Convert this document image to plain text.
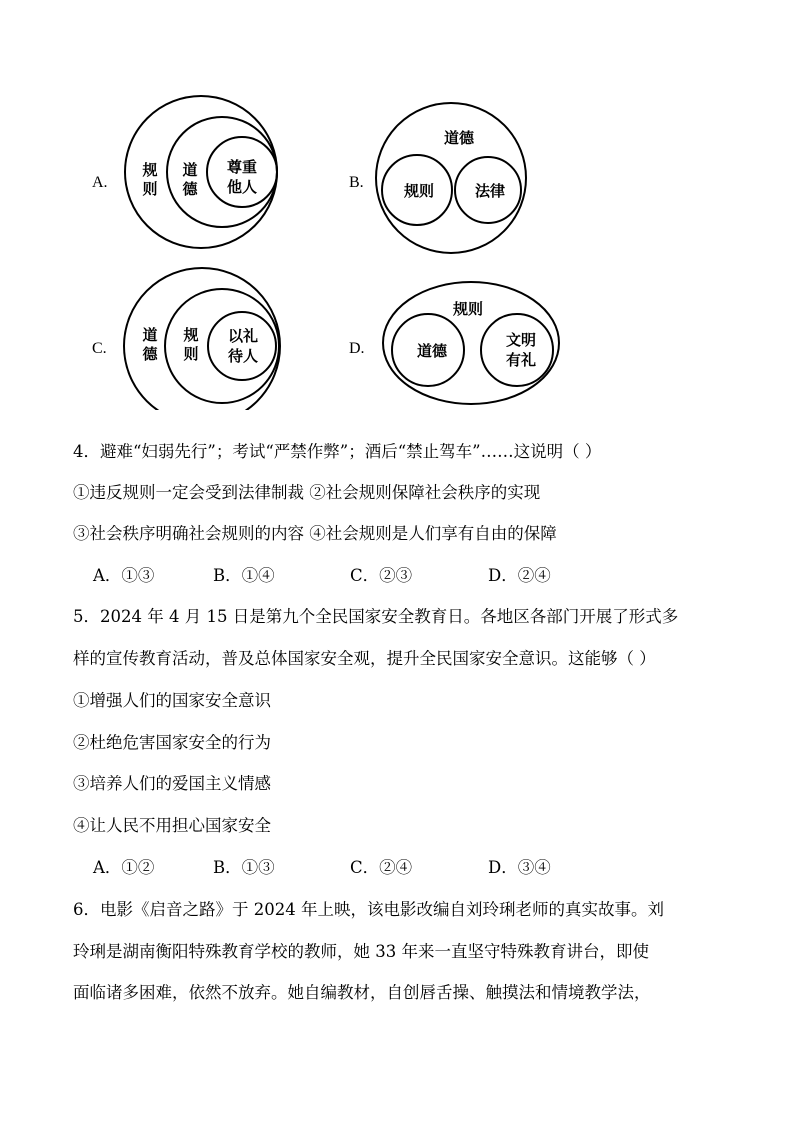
A.
规
则
道
德
尊重
他人	B.
道德
规则	法律
C.
道
德
规
则
以礼
待人	D.
规则
道德
文明
有礼
4．避难“妇弱先行”；考试“严禁作弊”；酒后“禁止驾车”……这说明（ ）
①违反规则一定会受到法律制裁 ②社会规则保障社会秩序的实现
③社会秩序明确社会规则的内容 ④社会规则是人们享有自由的保障
A．①③	B．①④	C．②③	D．②④
5．2024 年 4 月 15 日是第九个全民国家安全教育日。各地区各部门开展了形式多
样的宣传教育活动，普及总体国家安全观，提升全民国家安全意识。这能够（ ）
①增强人们的国家安全意识
②杜绝危害国家安全的行为
③培养人们的爱国主义情感
④让人民不用担心国家安全
A．①②	B．①③	C．②④	D．③④
6．电影《启音之路》于 2024 年上映，该电影改编自刘玲琍老师的真实故事。刘
玲琍是湖南衡阳特殊教育学校的教师，她 33 年来一直坚守特殊教育讲台，即使
面临诸多困难，依然不放弃。她自编教材，自创唇舌操、触摸法和情境教学法，
